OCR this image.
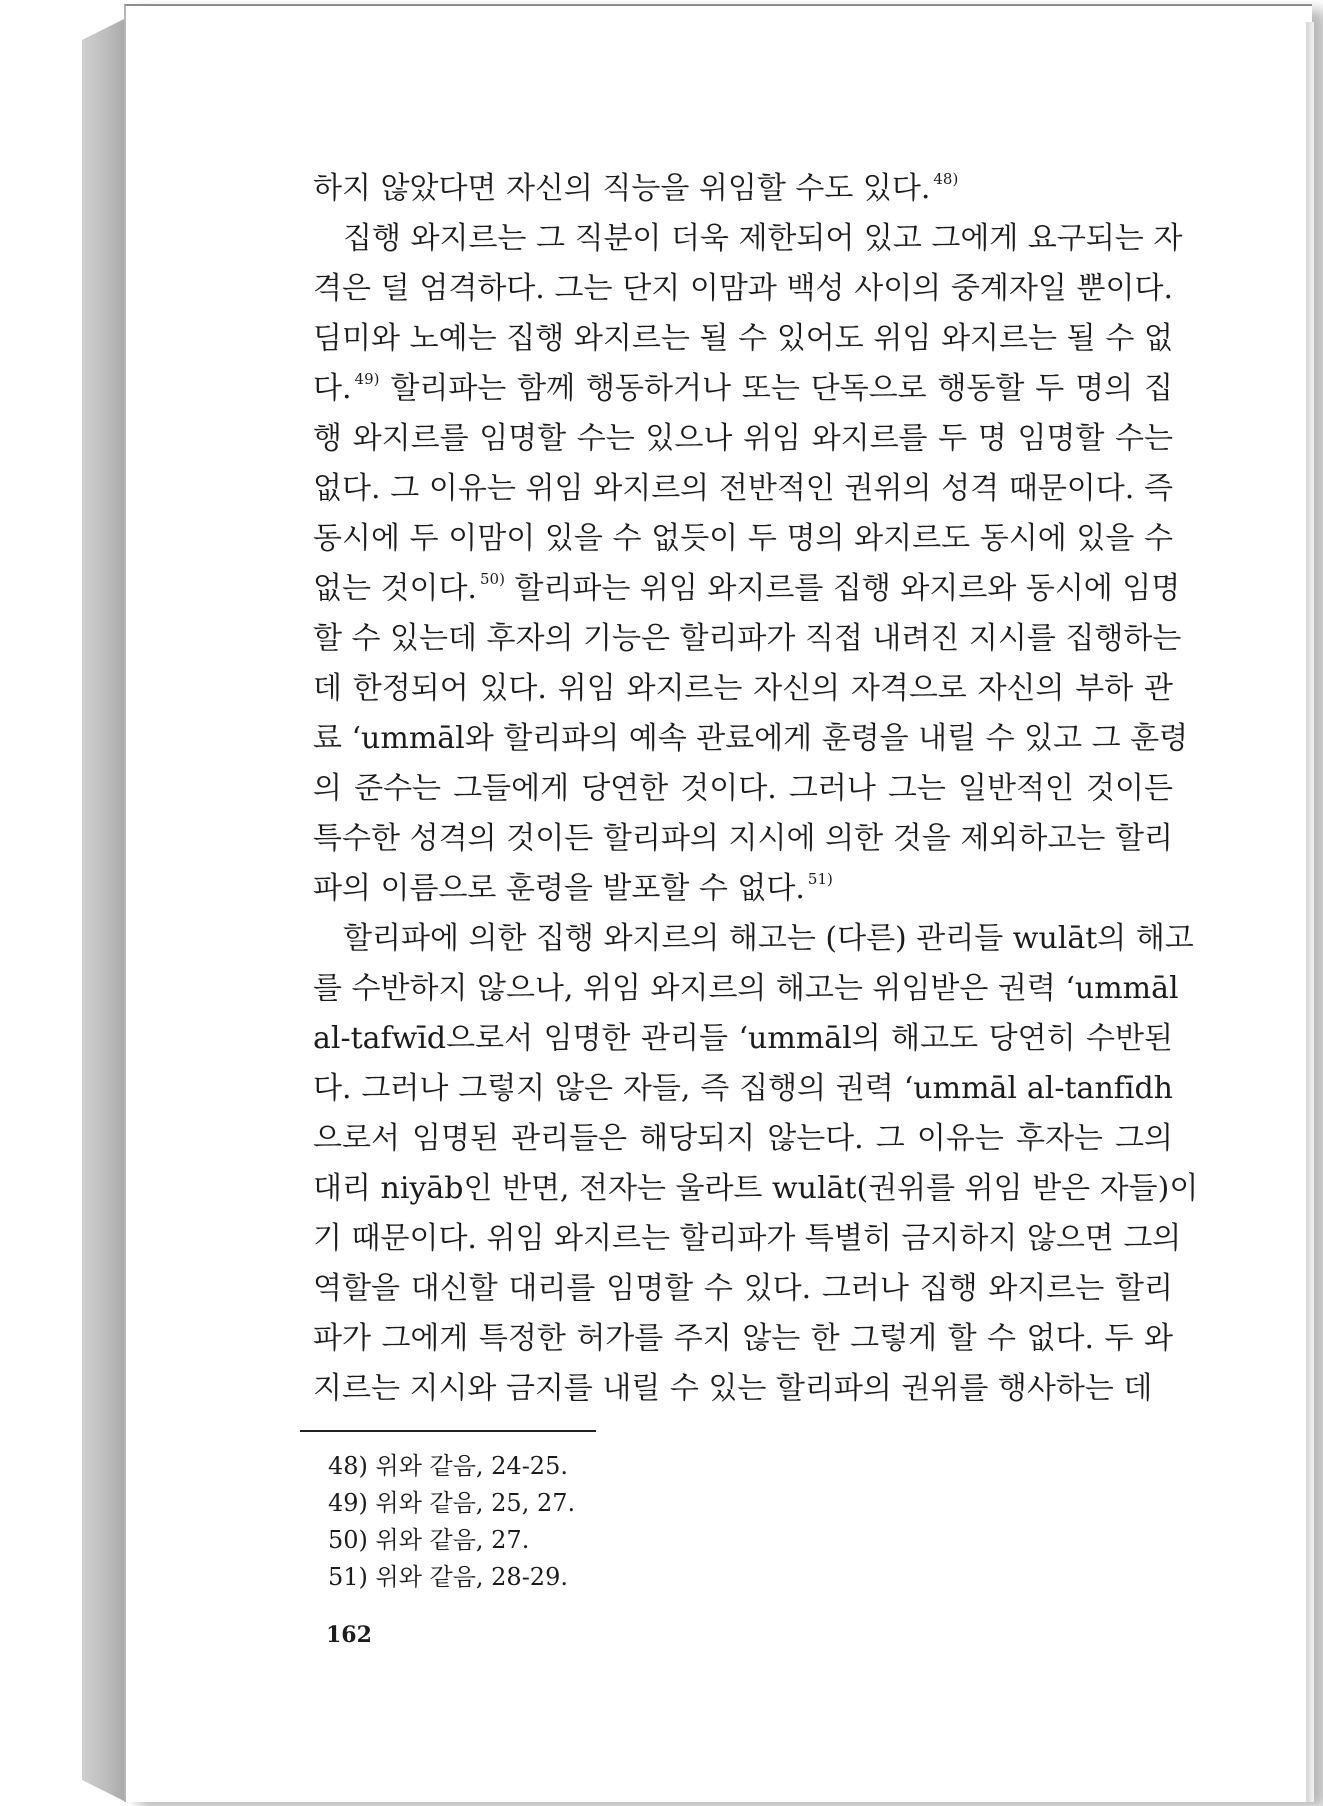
하지 않았다면 자신의 직능을 위임할 수도 있다. $^{48)}$
집행 와지르는 그 직분이 더욱 제한되어 있고 그에게 요구되는 자
격은 덜 엄격하다. 그는 단지 이맘과 백성 사이의 중계자일 뿐이다.
딤미와 노예는 집행 와지르는 될 수 있어도 위임 와지르는 될 수 없
다. $^{49)}$ 할리파는 함께 행동하거나 또는 단독으로 행동할 두 명의 집
행 와지르를 임명할 수는 있으나 위임 와지르를 두 명 임명할 수는
없다. 그 이유는 위임 와지르의 전반적인 권위의 성격 때문이다. 즉
동시에 두 이맘이 있을 수 없듯이 두 명의 와지르도 동시에 있을 수
없는 것이다. $^{50)}$ 할리파는 위임 와지르를 집행 와지르와 동시에 임명
할 수 있는데 후자의 기능은 할리파가 직접 내려진 지시를 집행하는
데 한정되어 있다. 위임 와지르는 자신의 자격으로 자신의 부하 관
료 ‘ummāl와 할리파의 예속 관료에게 훈령을 내릴 수 있고 그 훈령
의 준수는 그들에게 당연한 것이다. 그러나 그는 일반적인 것이든
특수한 성격의 것이든 할리파의 지시에 의한 것을 제외하고는 할리
파의 이름으로 훈령을 발포할 수 없다. $^{51)}$
할리파에 의한 집행 와지르의 해고는 (다른) 관리들 wulāt의 해고
를 수반하지 않으나, 위임 와지르의 해고는 위임받은 권력 ‘ummāl
al-tafwīd으로서 임명한 관리들 ‘ummāl의 해고도 당연히 수반된
다. 그러나 그렇지 않은 자들, 즉 집행의 권력 ‘ummāl al-tanfīdh
으로서 임명된 관리들은 해당되지 않는다. 그 이유는 후자는 그의
대리 niyāb인 반면, 전자는 울라트 wulāt(권위를 위임 받은 자들)이
기 때문이다. 위임 와지르는 할리파가 특별히 금지하지 않으면 그의
역할을 대신할 대리를 임명할 수 있다. 그러나 집행 와지르는 할리
파가 그에게 특정한 허가를 주지 않는 한 그렇게 할 수 없다. 두 와
지르는 지시와 금지를 내릴 수 있는 할리파의 권위를 행사하는 데
48) 위와 같음, 24-25.
49) 위와 같음, 25, 27.
50) 위와 같음, 27.
51) 위와 같음, 28-29.
162
